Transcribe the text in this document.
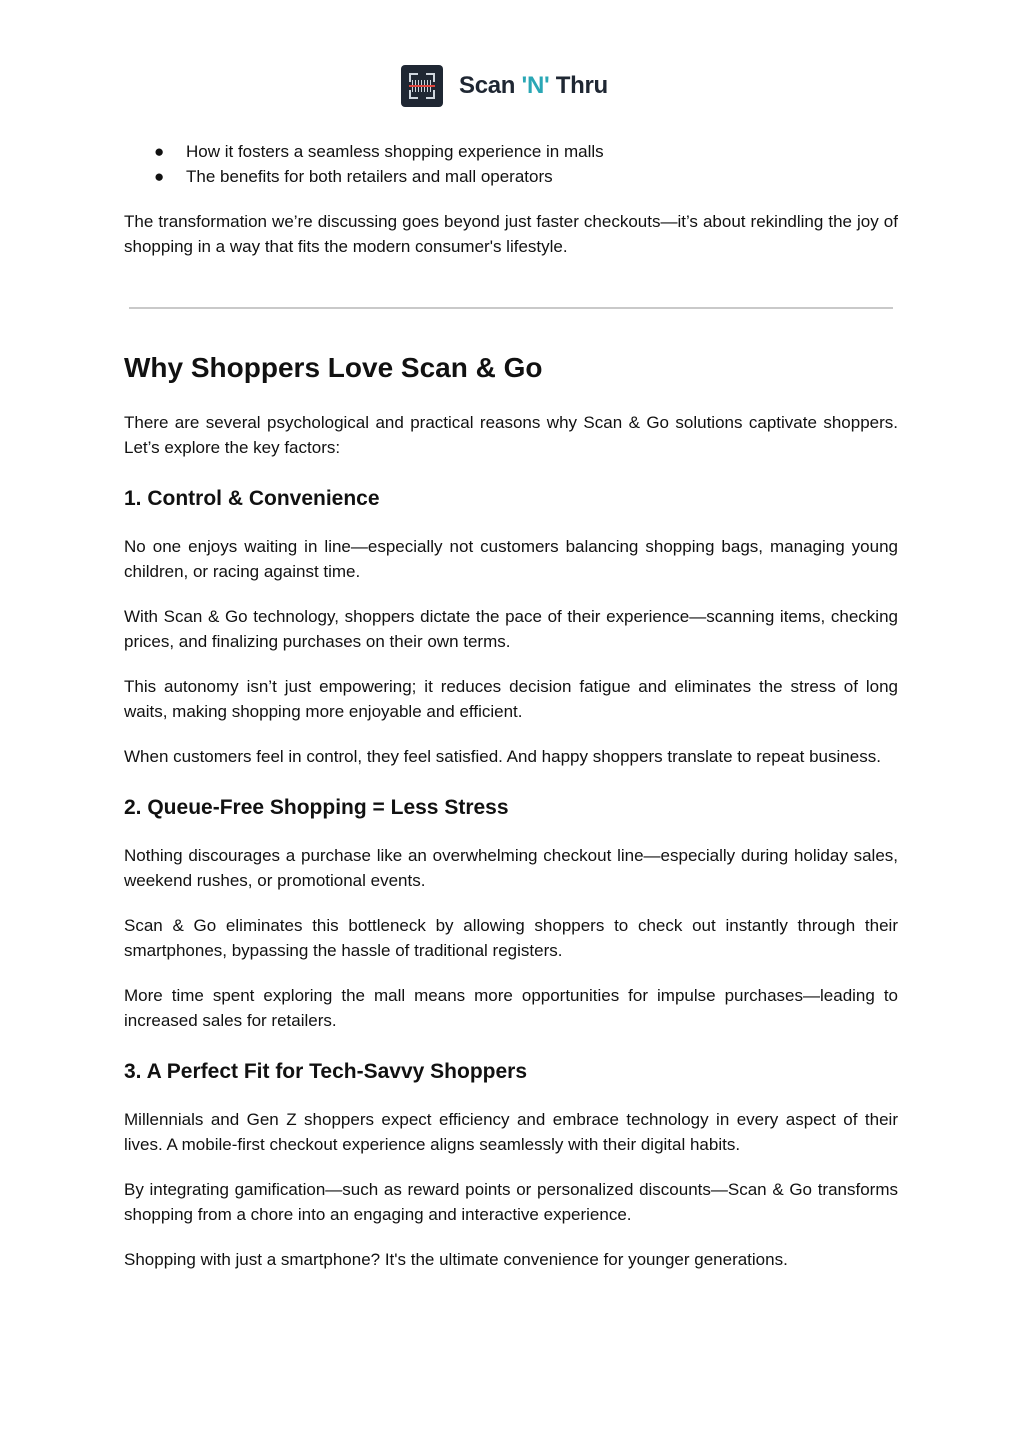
Scan 'N' Thru
● How it fosters a seamless shopping experience in malls
● The benefits for both retailers and mall operators

The transformation we’re discussing goes beyond just faster checkouts—it’s about rekindling the joy of shopping in a way that fits the modern consumer's lifestyle.

Why Shoppers Love Scan & Go

There are several psychological and practical reasons why Scan & Go solutions captivate shoppers. Let’s explore the key factors:

1. Control & Convenience

No one enjoys waiting in line—especially not customers balancing shopping bags, managing young children, or racing against time.

With Scan & Go technology, shoppers dictate the pace of their experience—scanning items, checking prices, and finalizing purchases on their own terms.

This autonomy isn’t just empowering; it reduces decision fatigue and eliminates the stress of long waits, making shopping more enjoyable and efficient.

When customers feel in control, they feel satisfied. And happy shoppers translate to repeat business.

2. Queue-Free Shopping = Less Stress

Nothing discourages a purchase like an overwhelming checkout line—especially during holiday sales, weekend rushes, or promotional events.

Scan & Go eliminates this bottleneck by allowing shoppers to check out instantly through their smartphones, bypassing the hassle of traditional registers.

More time spent exploring the mall means more opportunities for impulse purchases—leading to increased sales for retailers.

3. A Perfect Fit for Tech-Savvy Shoppers

Millennials and Gen Z shoppers expect efficiency and embrace technology in every aspect of their lives. A mobile-first checkout experience aligns seamlessly with their digital habits.

By integrating gamification—such as reward points or personalized discounts—Scan & Go transforms shopping from a chore into an engaging and interactive experience.

Shopping with just a smartphone? It's the ultimate convenience for younger generations.
